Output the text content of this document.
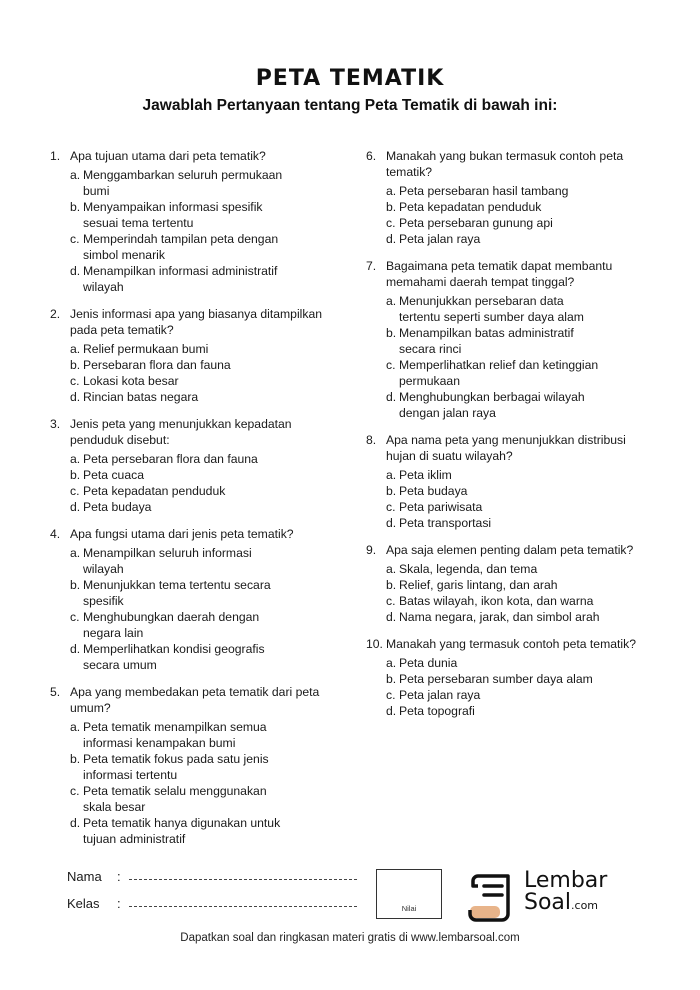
PETA TEMATIK
Jawablah Pertanyaan tentang Peta Tematik di bawah ini:
1. Apa tujuan utama dari peta tematik?
a. Menggambarkan seluruh permukaan bumi
b. Menyampaikan informasi spesifik sesuai tema tertentu
c. Memperindah tampilan peta dengan simbol menarik
d. Menampilkan informasi administratif wilayah
2. Jenis informasi apa yang biasanya ditampilkan pada peta tematik?
a. Relief permukaan bumi
b. Persebaran flora dan fauna
c. Lokasi kota besar
d. Rincian batas negara
3. Jenis peta yang menunjukkan kepadatan penduduk disebut:
a. Peta persebaran flora dan fauna
b. Peta cuaca
c. Peta kepadatan penduduk
d. Peta budaya
4. Apa fungsi utama dari jenis peta tematik?
a. Menampilkan seluruh informasi wilayah
b. Menunjukkan tema tertentu secara spesifik
c. Menghubungkan daerah dengan negara lain
d. Memperlihatkan kondisi geografis secara umum
5. Apa yang membedakan peta tematik dari peta umum?
a. Peta tematik menampilkan semua informasi kenampakan bumi
b. Peta tematik fokus pada satu jenis informasi tertentu
c. Peta tematik selalu menggunakan skala besar
d. Peta tematik hanya digunakan untuk tujuan administratif
6. Manakah yang bukan termasuk contoh peta tematik?
a. Peta persebaran hasil tambang
b. Peta kepadatan penduduk
c. Peta persebaran gunung api
d. Peta jalan raya
7. Bagaimana peta tematik dapat membantu memahami daerah tempat tinggal?
a. Menunjukkan persebaran data tertentu seperti sumber daya alam
b. Menampilkan batas administratif secara rinci
c. Memperlihatkan relief dan ketinggian permukaan
d. Menghubungkan berbagai wilayah dengan jalan raya
8. Apa nama peta yang menunjukkan distribusi hujan di suatu wilayah?
a. Peta iklim
b. Peta budaya
c. Peta pariwisata
d. Peta transportasi
9. Apa saja elemen penting dalam peta tematik?
a. Skala, legenda, dan tema
b. Relief, garis lintang, dan arah
c. Batas wilayah, ikon kota, dan warna
d. Nama negara, jarak, dan simbol arah
10. Manakah yang termasuk contoh peta tematik?
a. Peta dunia
b. Peta persebaran sumber daya alam
c. Peta jalan raya
d. Peta topografi
Nama	:
Kelas	:	Nilai
Lembar
Soal.com
Dapatkan soal dan ringkasan materi gratis di www.lembarsoal.com
